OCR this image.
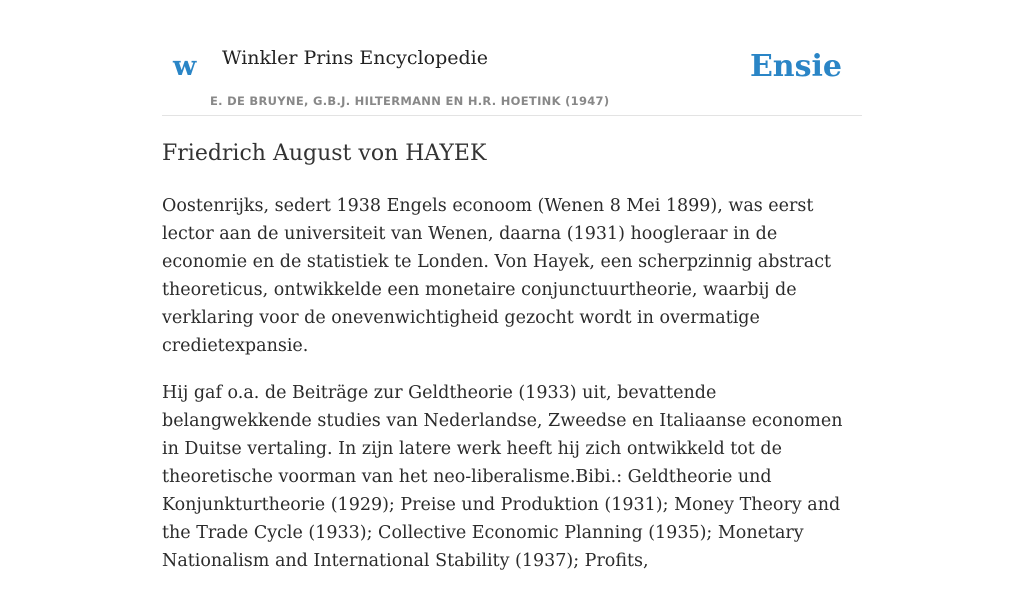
w Winkler Prins Encyclopedie
E. DE BRUYNE, G.B.J. HILTERMANN EN H.R. HOETINK (1947)
Ensie
Friedrich August von HAYEK

Oostenrijks, sedert 1938 Engels econoom (Wenen 8 Mei 1899), was eerst lector aan de universiteit van Wenen, daarna (1931) hoogleraar in de economie en de statistiek te Londen. Von Hayek, een scherpzinnig abstract theoreticus, ontwikkelde een monetaire conjunctuurtheorie, waarbij de verklaring voor de onevenwichtigheid gezocht wordt in overmatige credietexpansie.

Hij gaf o.a. de Beiträge zur Geldtheorie (1933) uit, bevattende belangwekkende studies van Nederlandse, Zweedse en Italiaanse economen in Duitse vertaling. In zijn latere werk heeft hij zich ontwikkeld tot de theoretische voorman van het neo-liberalisme.Bibi.: Geldtheorie und Konjunkturtheorie (1929); Preise und Produktion (1931); Money Theory and the Trade Cycle (1933); Collective Economic Planning (1935); Monetary Nationalism and International Stability (1937); Profits,
